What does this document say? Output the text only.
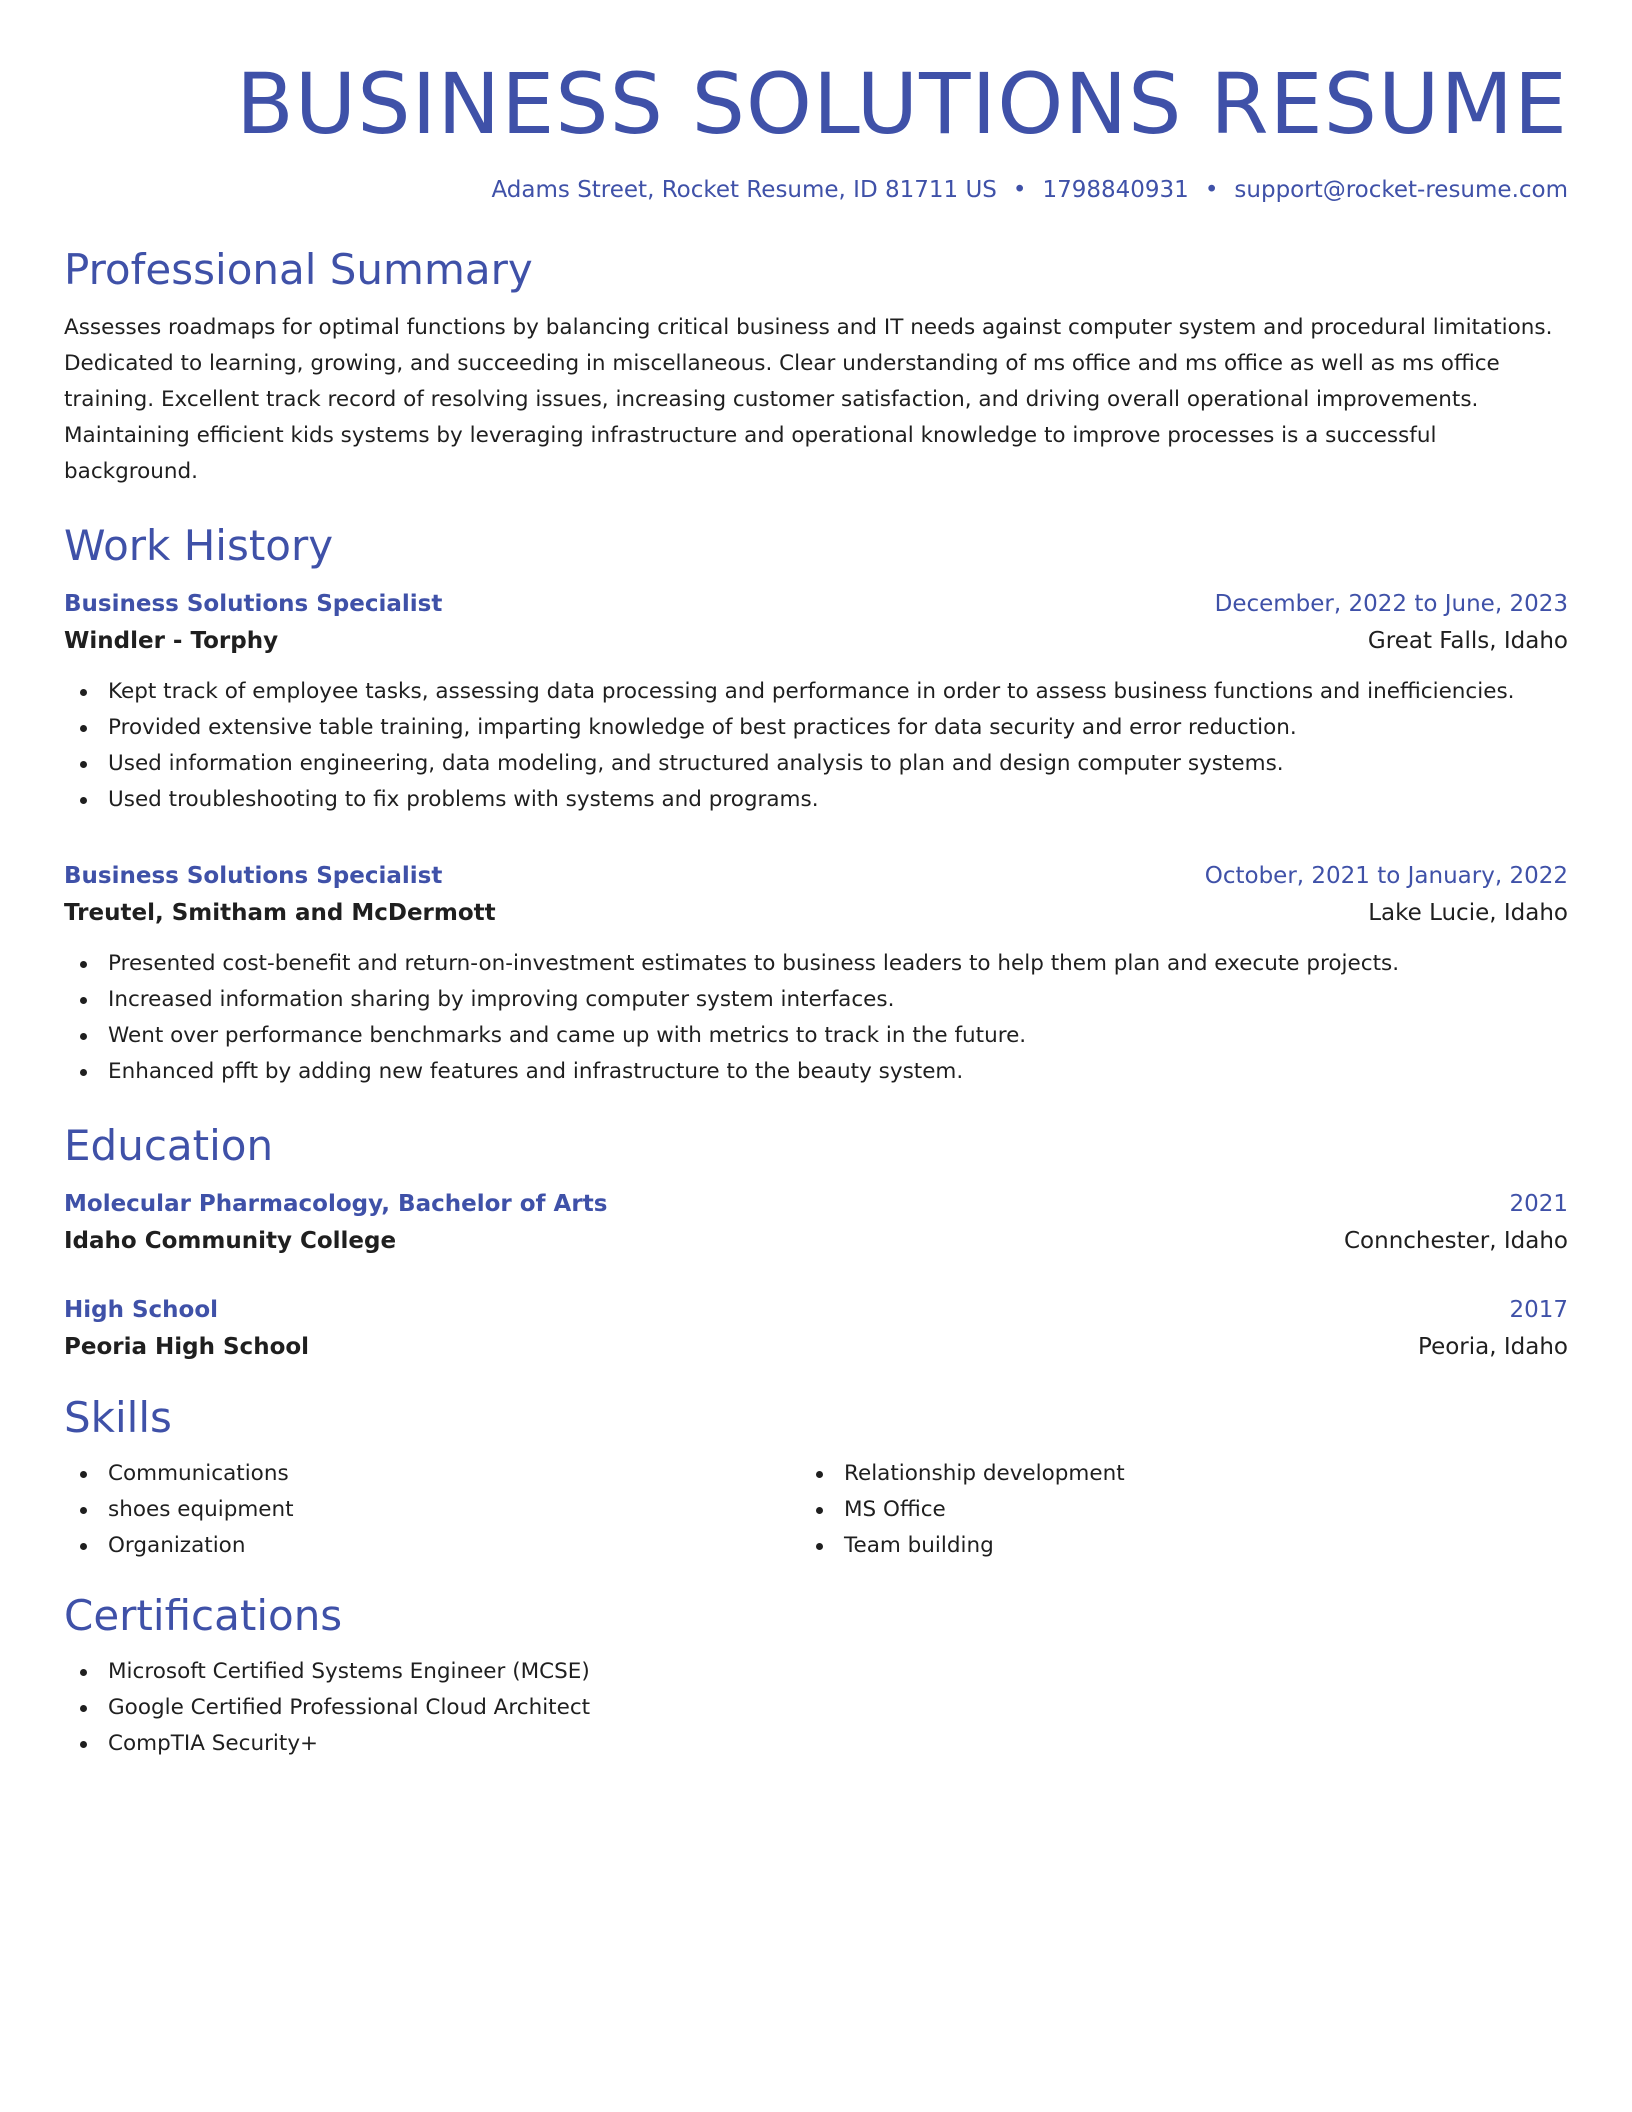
BUSINESS SOLUTIONS RESUME
Adams Street, Rocket Resume, ID 81711 US • 1798840931 • support@rocket-resume.com
Professional Summary

Assesses roadmaps for optimal functions by balancing critical business and IT needs against computer system and procedural limitations. Dedicated to learning, growing, and succeeding in miscellaneous. Clear understanding of ms office and ms office as well as ms office training. Excellent track record of resolving issues, increasing customer satisfaction, and driving overall operational improvements. Maintaining efficient kids systems by leveraging infrastructure and operational knowledge to improve processes is a successful background.

Work History
Business Solutions Specialist	December, 2022 to June, 2023
Windler - Torphy	Great Falls, Idaho
Kept track of employee tasks, assessing data processing and performance in order to assess business functions and inefficiencies.
Provided extensive table training, imparting knowledge of best practices for data security and error reduction.
Used information engineering, data modeling, and structured analysis to plan and design computer systems.
Used troubleshooting to fix problems with systems and programs.
Business Solutions Specialist	October, 2021 to January, 2022
Treutel, Smitham and McDermott	Lake Lucie, Idaho
Presented cost-benefit and return-on-investment estimates to business leaders to help them plan and execute projects.
Increased information sharing by improving computer system interfaces.
Went over performance benchmarks and came up with metrics to track in the future.
Enhanced pfft by adding new features and infrastructure to the beauty system.
Education
Molecular Pharmacology, Bachelor of Arts	2021
Idaho Community College	Connchester, Idaho
High School	2017
Peoria High School	Peoria, Idaho
Skills
Communications
shoes equipment
Organization
Relationship development
MS Office
Team building
Certifications
Microsoft Certified Systems Engineer (MCSE)
Google Certified Professional Cloud Architect
CompTIA Security+
